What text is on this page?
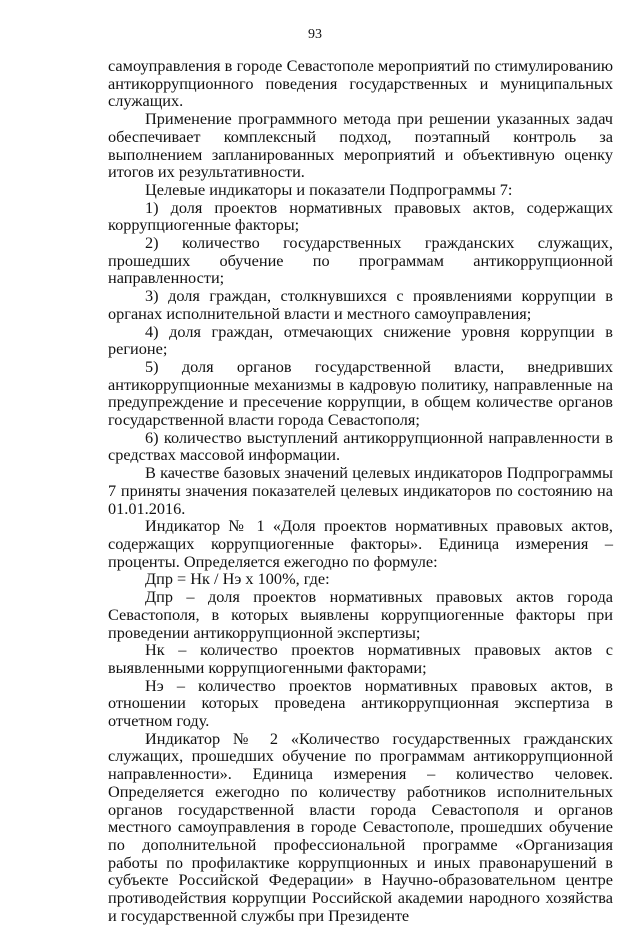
93

самоуправления в городе Севастополе мероприятий по стимулированию антикоррупционного поведения государственных и муниципальных служащих.

Применение программного метода при решении указанных задач обеспечивает комплексный подход, поэтапный контроль за выполнением запланированных мероприятий и объективную оценку итогов их результативности.

Целевые индикаторы и показатели Подпрограммы 7:

1) доля проектов нормативных правовых актов, содержащих коррупциогенные факторы;

2) количество государственных гражданских служащих, прошедших обучение по программам антикоррупционной направленности;

3) доля граждан, столкнувшихся с проявлениями коррупции в органах исполнительной власти и местного самоуправления;

4) доля граждан, отмечающих снижение уровня коррупции в регионе;

5) доля органов государственной власти, внедривших антикоррупционные механизмы в кадровую политику, направленные на предупреждение и пресечение коррупции, в общем количестве органов государственной власти города Севастополя;

6) количество выступлений антикоррупционной направленности в средствах массовой информации.

В качестве базовых значений целевых индикаторов Подпрограммы 7 приняты значения показателей целевых индикаторов по состоянию на 01.01.2016.

Индикатор № 1 «Доля проектов нормативных правовых актов, содержащих коррупциогенные факторы». Единица измерения – проценты. Определяется ежегодно по формуле:

Дпр = Нк / Нэ х 100%, где:

Дпр – доля проектов нормативных правовых актов города Севастополя, в которых выявлены коррупциогенные факторы при проведении антикоррупционной экспертизы;

Нк – количество проектов нормативных правовых актов с выявленными коррупциогенными факторами;

Нэ – количество проектов нормативных правовых актов, в отношении которых проведена антикоррупционная экспертиза в отчетном году.

Индикатор № 2 «Количество государственных гражданских служащих, прошедших обучение по программам антикоррупционной направленности». Единица измерения – количество человек. Определяется ежегодно по количеству работников исполнительных органов государственной власти города Севастополя и органов местного самоуправления в городе Севастополе, прошедших обучение по дополнительной профессиональной программе «Организация работы по профилактике коррупционных и иных правонарушений в субъекте Российской Федерации» в Научно-образовательном центре противодействия коррупции Российской академии народного хозяйства и государственной службы при Президенте
